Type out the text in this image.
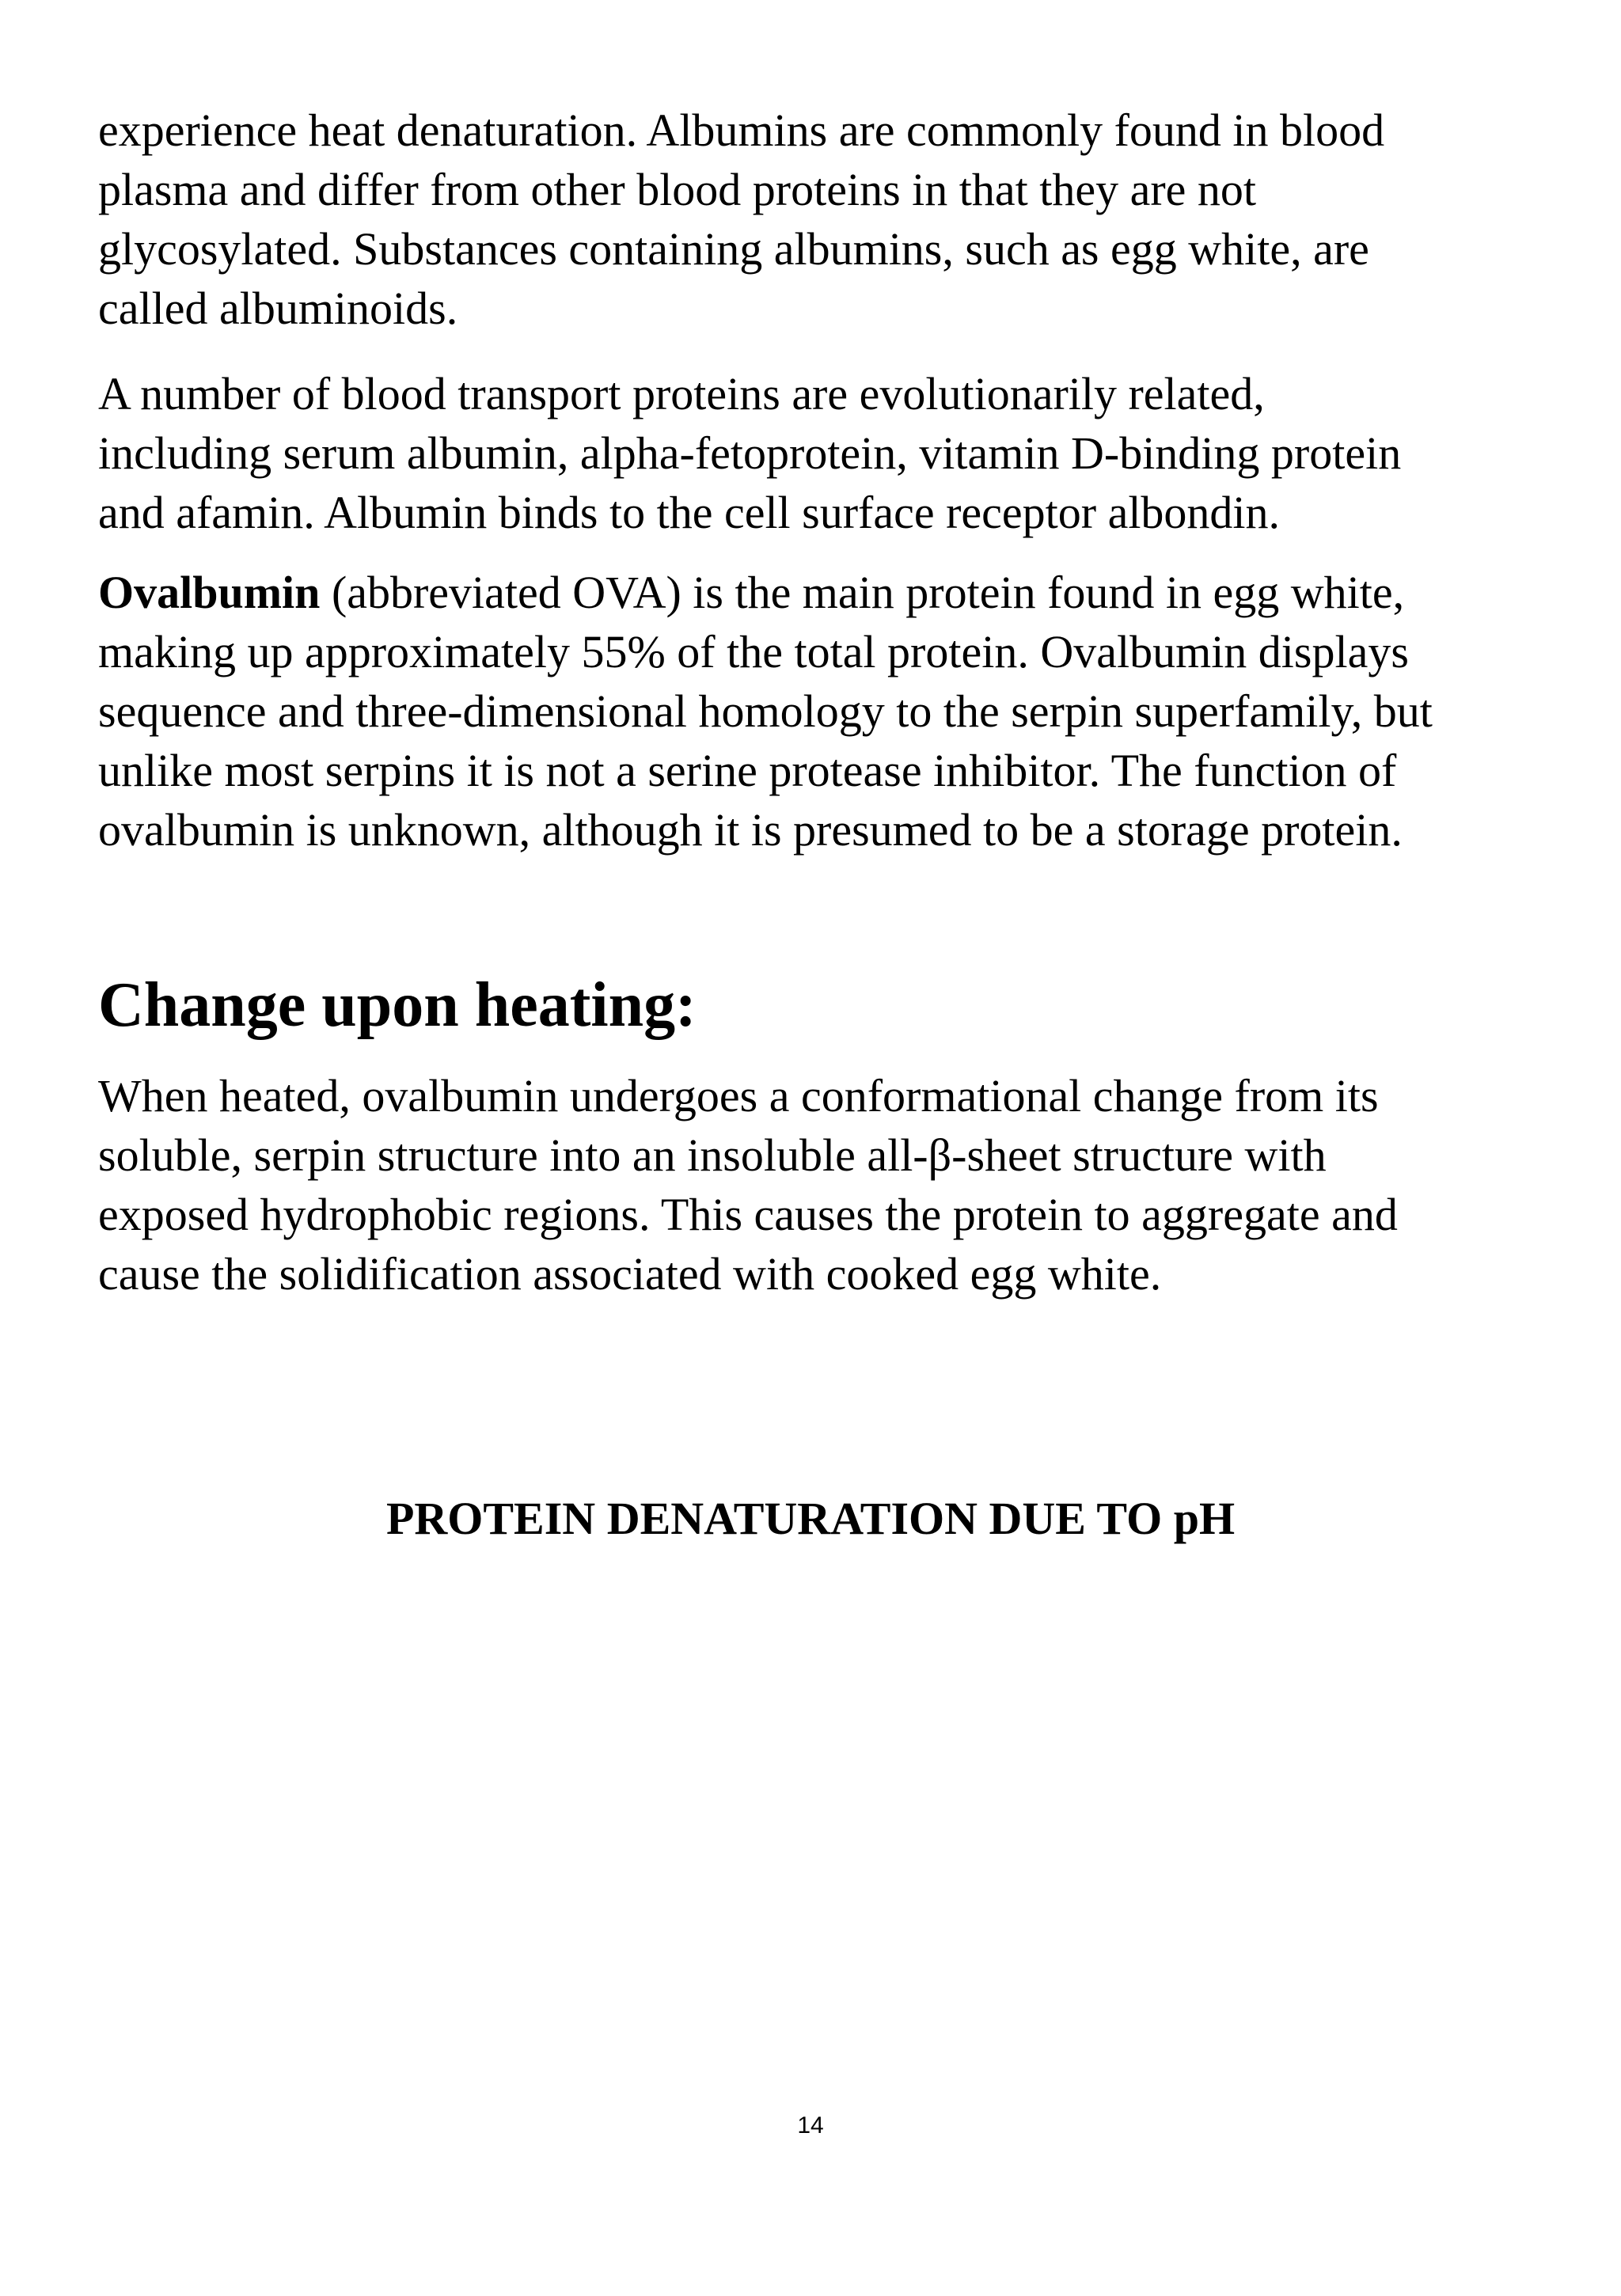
experience heat denaturation. Albumins are commonly found in blood
plasma and differ from other blood proteins in that they are not
glycosylated. Substances containing albumins, such as egg white, are
called albuminoids.

A number of blood transport proteins are evolutionarily related,
including serum albumin, alpha-fetoprotein, vitamin D-binding protein
and afamin. Albumin binds to the cell surface receptor albondin.

Ovalbumin (abbreviated OVA) is the main protein found in egg white,
making up approximately 55% of the total protein. Ovalbumin displays
sequence and three-dimensional homology to the serpin superfamily, but
unlike most serpins it is not a serine protease inhibitor. The function of
ovalbumin is unknown, although it is presumed to be a storage protein.

Change upon heating:

When heated, ovalbumin undergoes a conformational change from its
soluble, serpin structure into an insoluble all-β-sheet structure with
exposed hydrophobic regions. This causes the protein to aggregate and
cause the solidification associated with cooked egg white.

PROTEIN DENATURATION DUE TO pH

14
